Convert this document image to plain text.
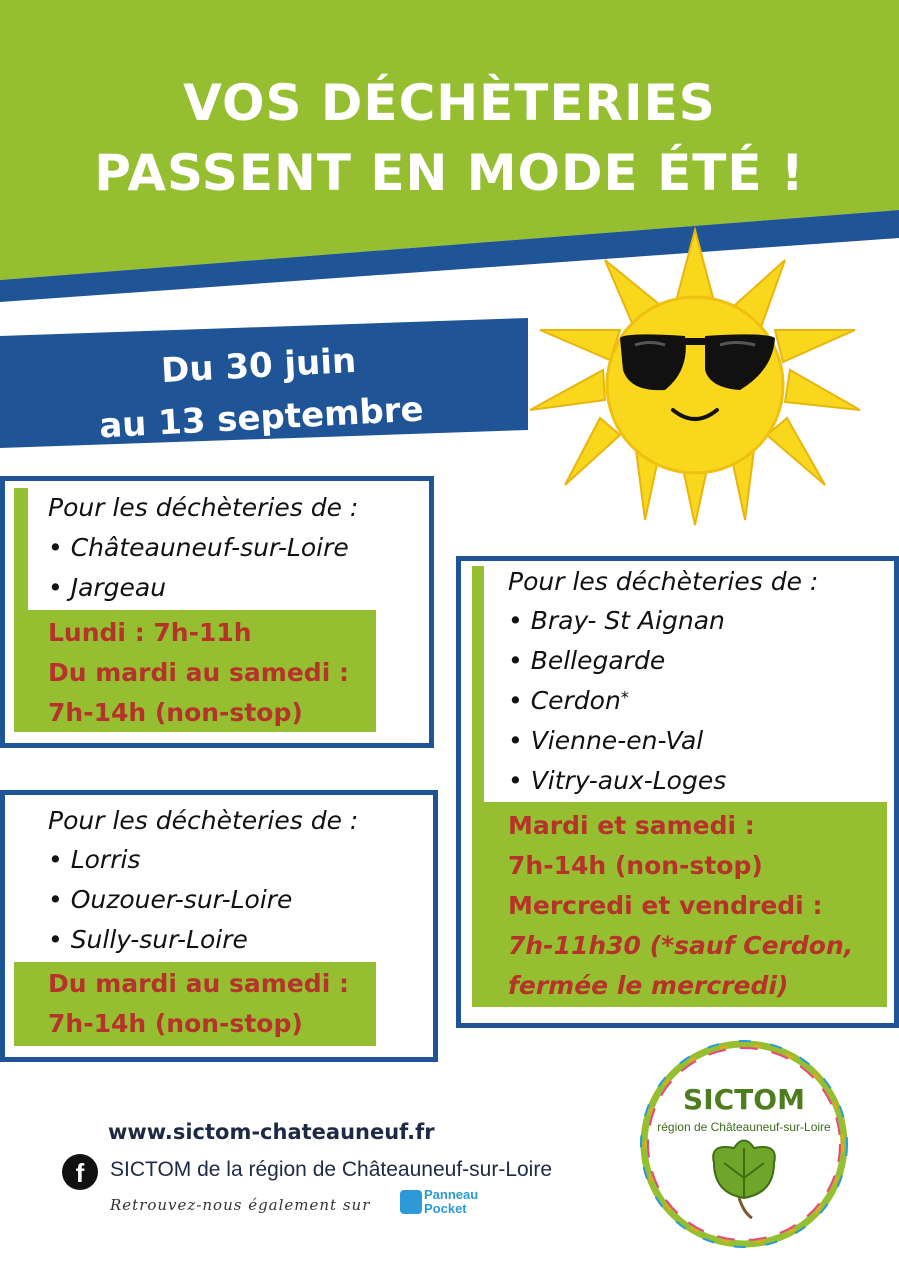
VOS DÉCHÈTERIES
PASSENT EN MODE ÉTÉ !
Du 30 juin
au 13 septembre
Pour les déchèteries de :
• Châteauneuf-sur-Loire
• Jargeau
Lundi : 7h-11h
Du mardi au samedi :
7h-14h (non-stop)
Pour les déchèteries de :
• Lorris
• Ouzouer-sur-Loire
• Sully-sur-Loire
Du mardi au samedi :
7h-14h (non-stop)
Pour les déchèteries de :
• Bray- St Aignan
• Bellegarde
• Cerdon*
• Vienne-en-Val
• Vitry-aux-Loges
Mardi et samedi :
7h-14h (non-stop)
Mercredi et vendredi :
7h-11h30 (*sauf Cerdon,
fermée le mercredi)
www.sictom-chateauneuf.fr
f	SICTOM de la région de Châteauneuf-sur-Loire
Retrouvez-nous également sur
Panneau
Pocket
SICTOM
région de Châteauneuf-sur-Loire
